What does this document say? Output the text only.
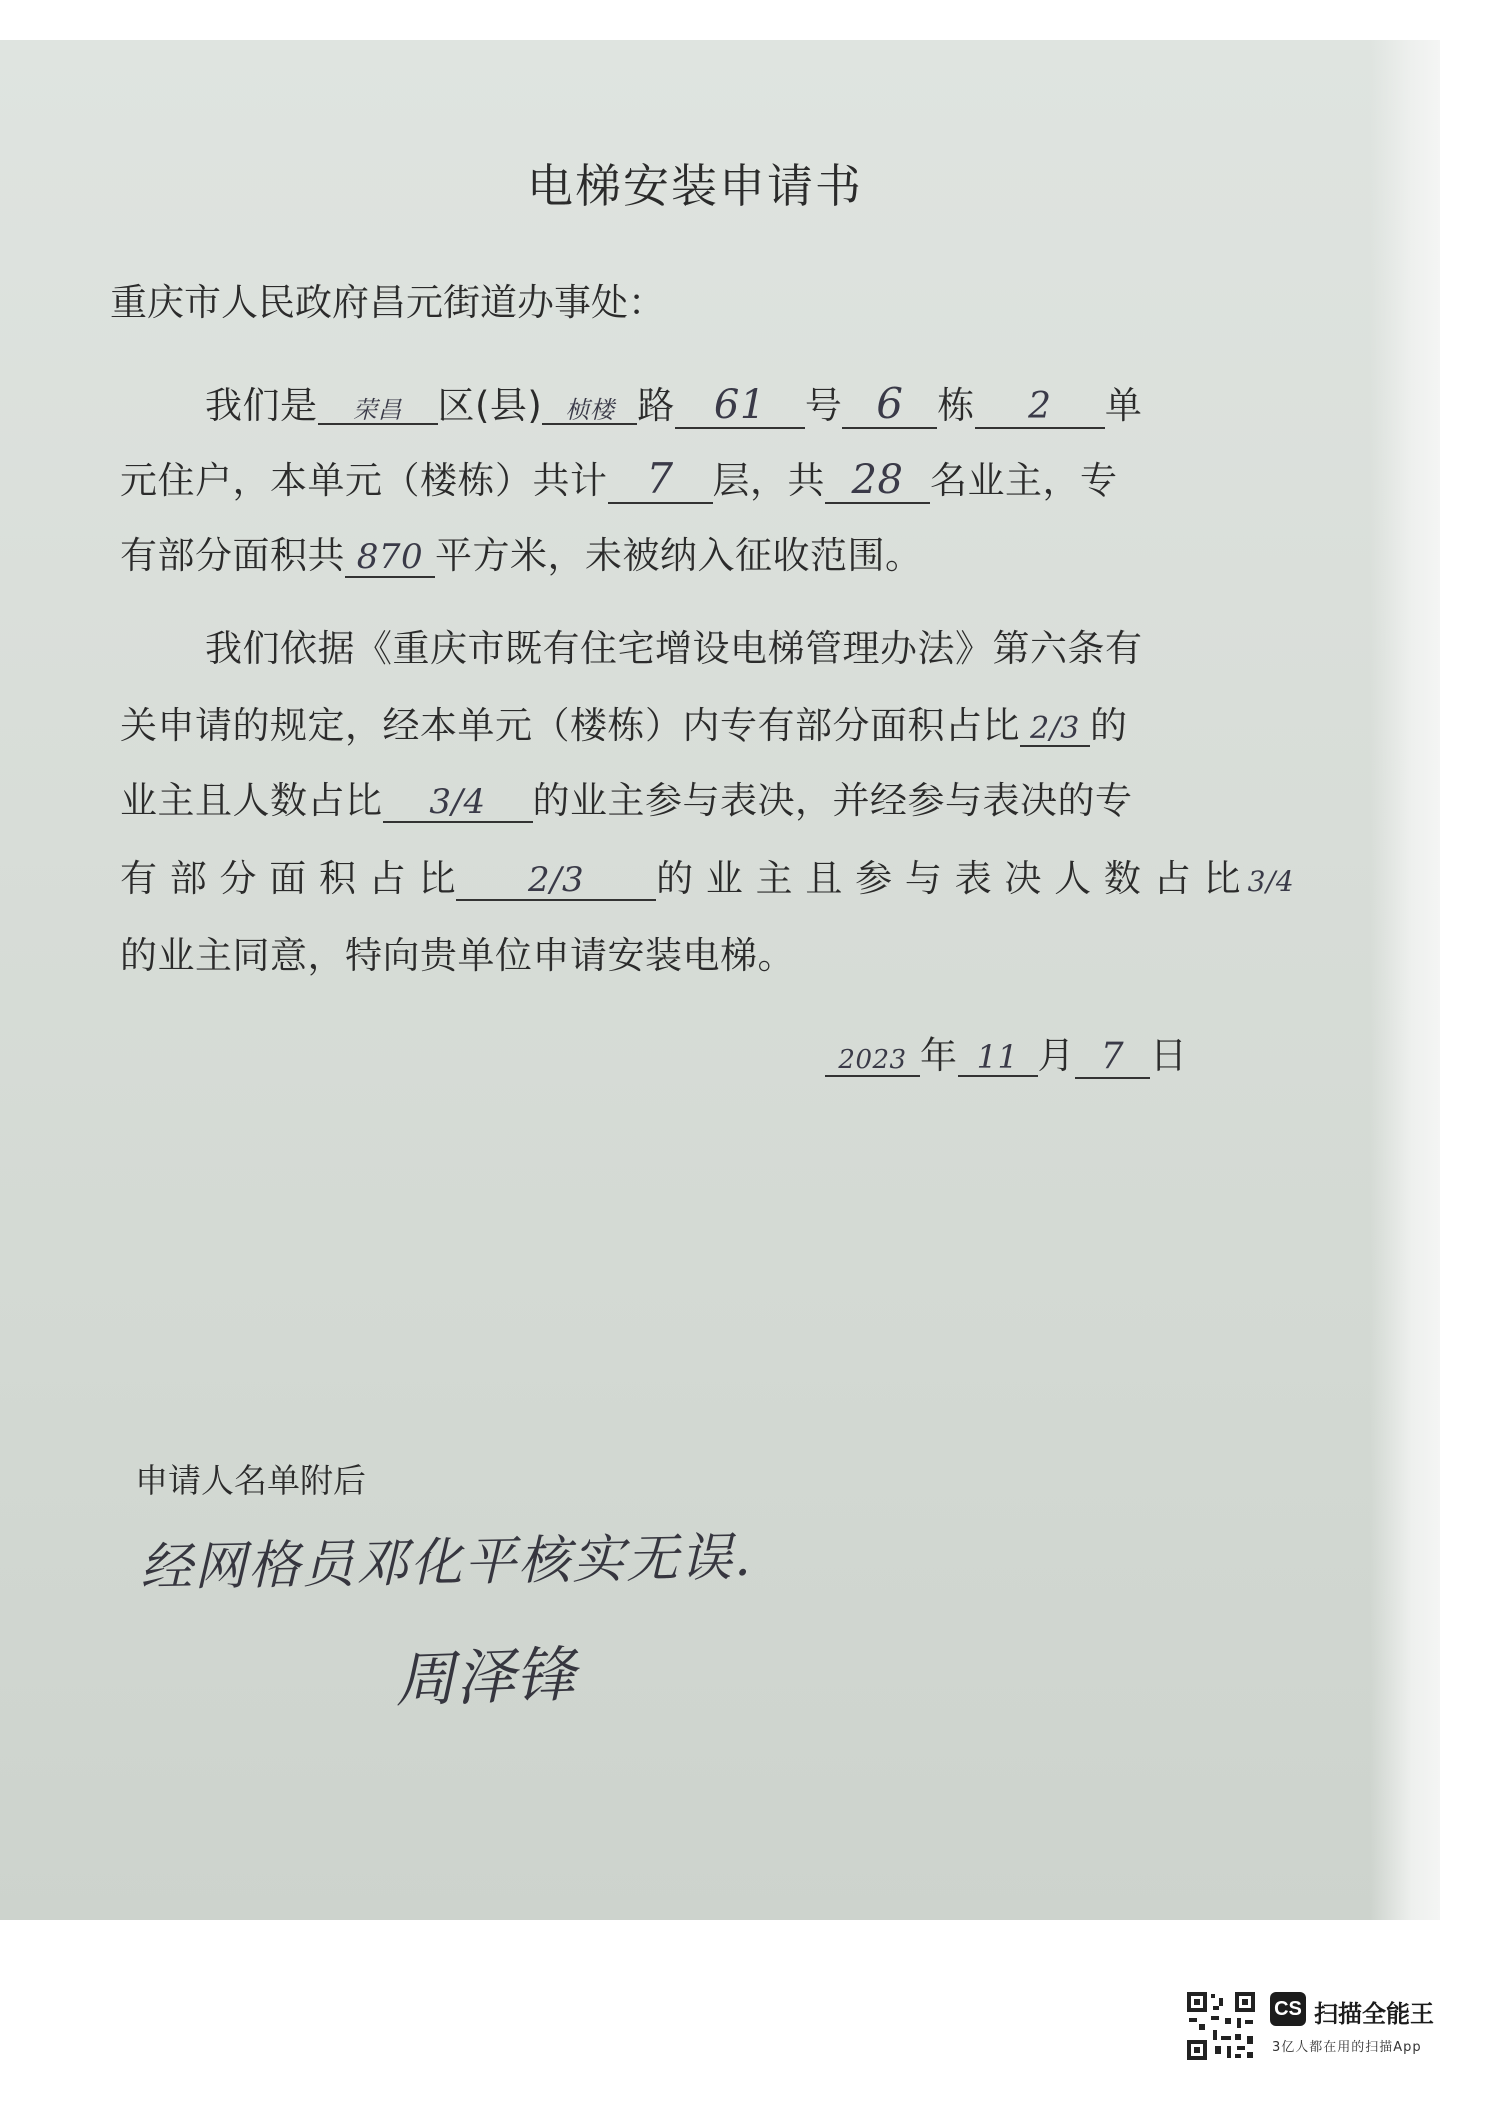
电梯安装申请书
重庆市人民政府昌元街道办事处：
我们是 荣昌 区(县) 桢楼 路 61 号 6 栋 2 单
元住户，本单元（楼栋）共计 7 层，共 28 名业主，专
有部分面积共 870 平方米，未被纳入征收范围。
我们依据《重庆市既有住宅增设电梯管理办法》第六条有
关申请的规定，经本单元（楼栋）内专有部分面积占比 2/3 的
业主且人数占比 3/4 的业主参与表决，并经参与表决的专
有 部 分 面 积 占 比 2/3 的 业 主 且 参 与 表 决 人 数 占 比 3/4
的业主同意，特向贵单位申请安装电梯。
2023 年 11 月 7 日
申请人名单附后
经网格员邓化平核实无误.
周泽锋
CS 扫描全能王
3亿人都在用的扫描App
